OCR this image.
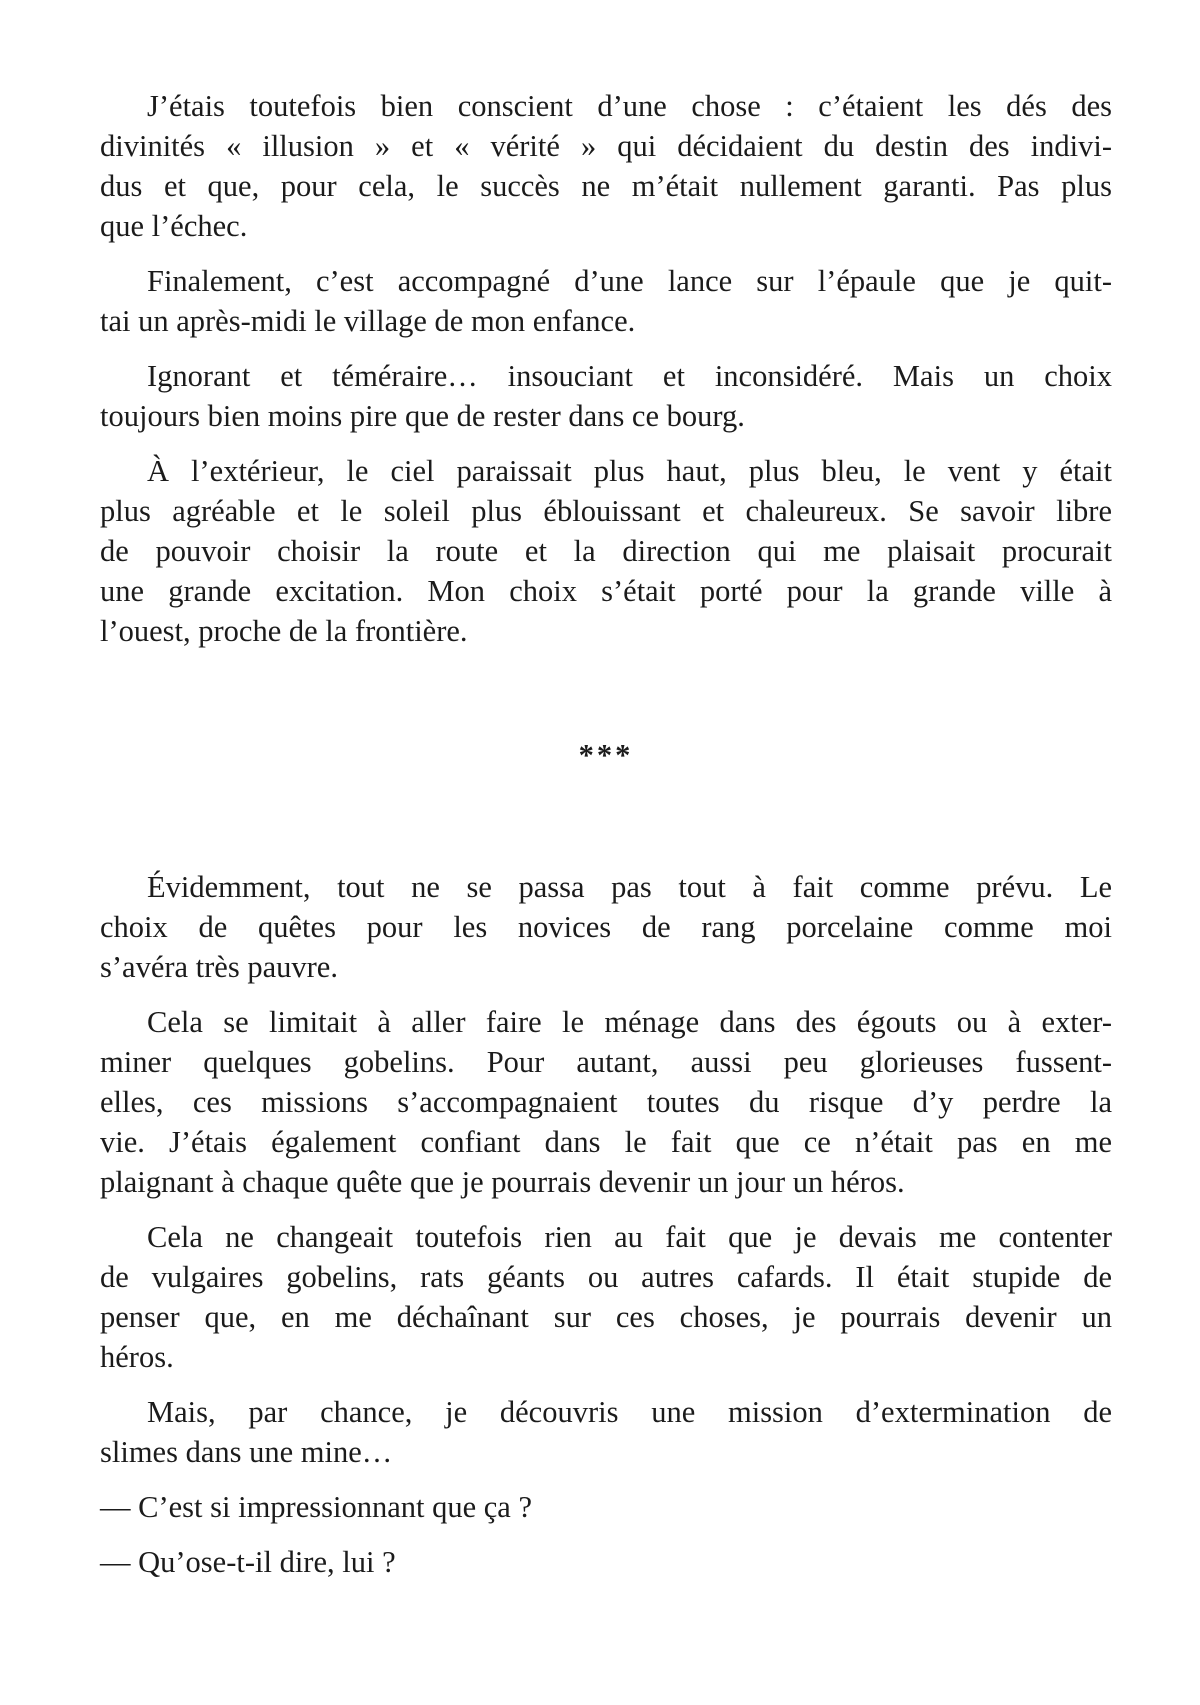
J’étais toutefois bien conscient d’une chose : c’étaient les dés des
divinités « illusion » et « vérité » qui décidaient du destin des indivi-
dus et que, pour cela, le succès ne m’était nullement garanti. Pas plus
que l’échec.

Finalement, c’est accompagné d’une lance sur l’épaule que je quit-
tai un après-midi le village de mon enfance.

Ignorant et téméraire… insouciant et inconsidéré. Mais un choix
toujours bien moins pire que de rester dans ce bourg.

À l’extérieur, le ciel paraissait plus haut, plus bleu, le vent y était
plus agréable et le soleil plus éblouissant et chaleureux. Se savoir libre
de pouvoir choisir la route et la direction qui me plaisait procurait
une grande excitation. Mon choix s’était porté pour la grande ville à
l’ouest, proche de la frontière.

***

Évidemment, tout ne se passa pas tout à fait comme prévu. Le
choix de quêtes pour les novices de rang porcelaine comme moi
s’avéra très pauvre.

Cela se limitait à aller faire le ménage dans des égouts ou à exter-
miner quelques gobelins. Pour autant, aussi peu glorieuses fussent-
elles, ces missions s’accompagnaient toutes du risque d’y perdre la
vie. J’étais également confiant dans le fait que ce n’était pas en me
plaignant à chaque quête que je pourrais devenir un jour un héros.

Cela ne changeait toutefois rien au fait que je devais me contenter
de vulgaires gobelins, rats géants ou autres cafards. Il était stupide de
penser que, en me déchaînant sur ces choses, je pourrais devenir un
héros.

Mais, par chance, je découvris une mission d’extermination de
slimes dans une mine…

— C’est si impressionnant que ça ?

— Qu’ose-t-il dire, lui ?
